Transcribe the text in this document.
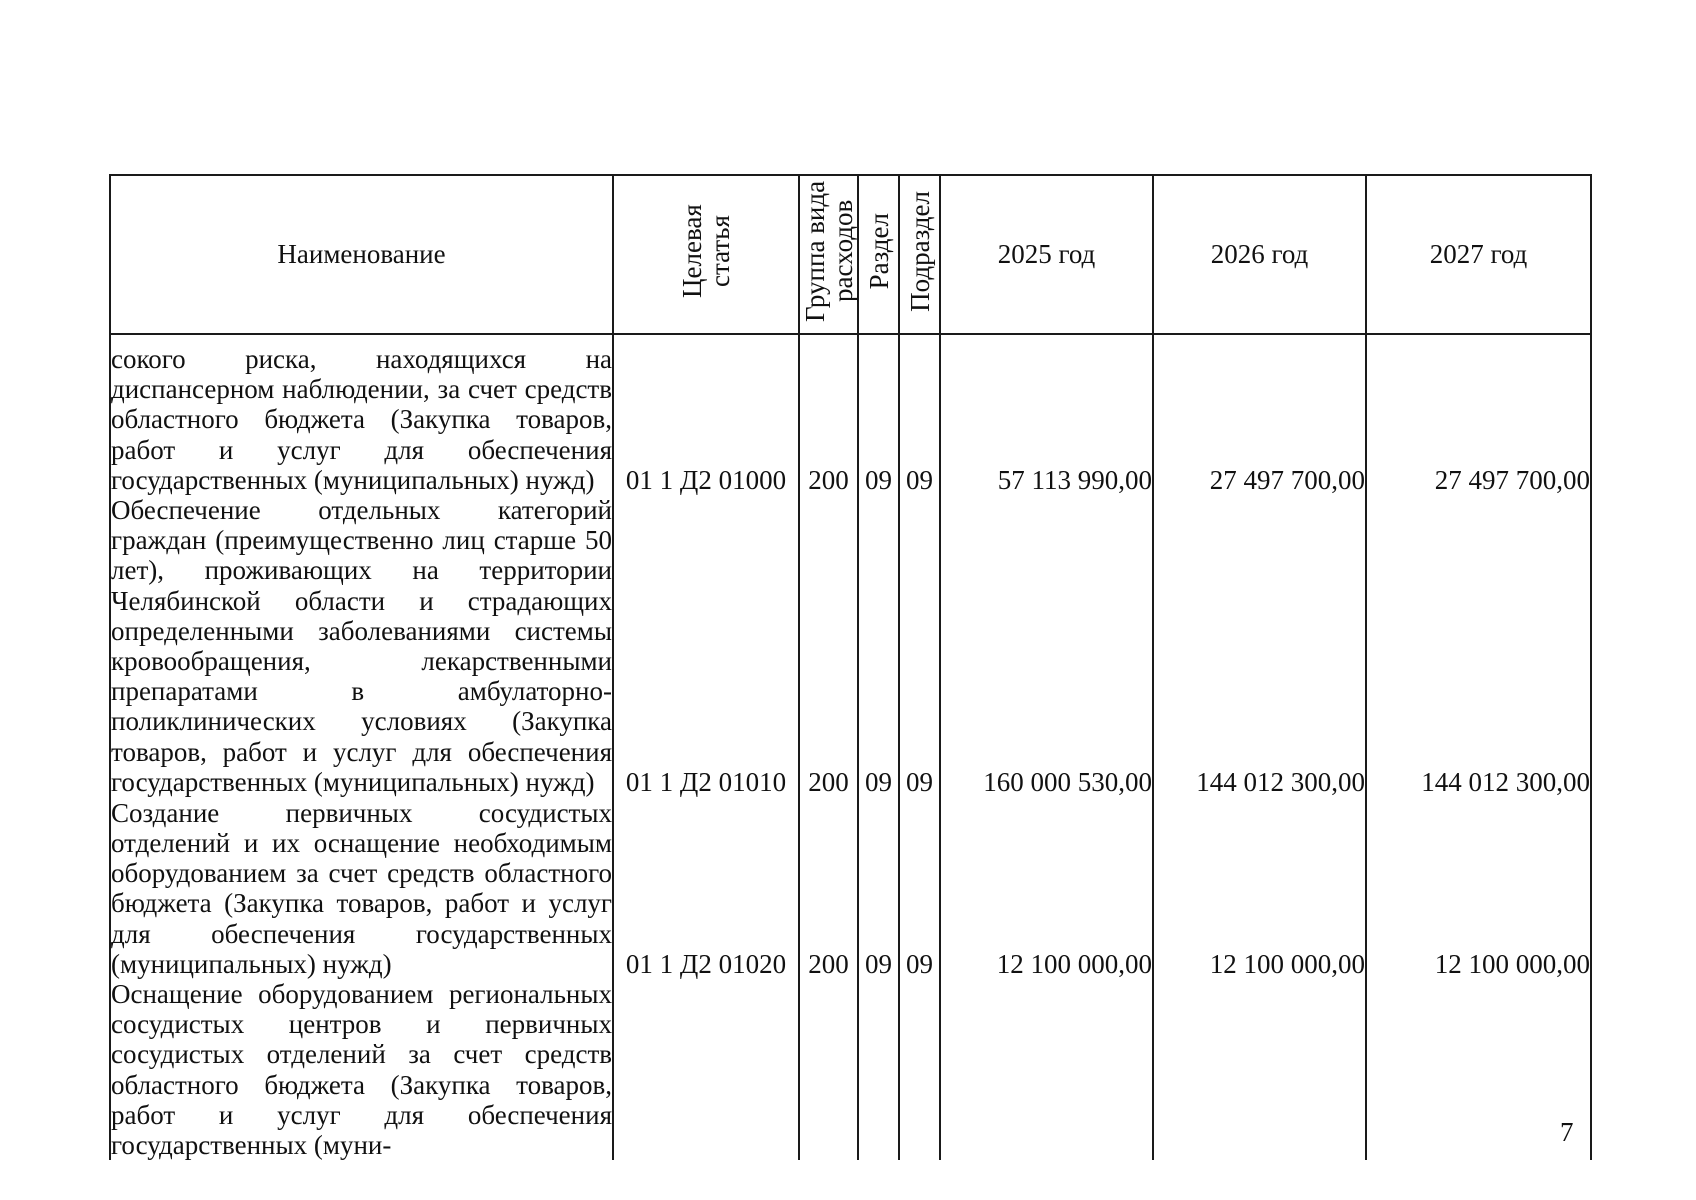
Наименование	Целевая статья	Группа вида расходов	Раздел	Подраздел	2025 год	2026 год	2027 год
сокого риска, находящихся на диспансерном наблюдении, за счет средств областного бюджета (Закупка товаров, работ и услуг для обеспечения государственных (муниципальных) нужд)	01 1 Д2 01000	200	09	09	57 113 990,00	27 497 700,00	27 497 700,00
Обеспечение отдельных категорий граждан (преимущественно лиц старше 50 лет), проживающих на территории Челябинской области и страдающих определенными заболеваниями системы кровообращения, лекарственными препаратами в амбулаторно-поликлинических условиях (Закупка товаров, работ и услуг для обеспечения государственных (муниципальных) нужд)	01 1 Д2 01010	200	09	09	160 000 530,00	144 012 300,00	144 012 300,00
Создание первичных сосудистых отделений и их оснащение необходимым оборудованием за счет средств областного бюджета (Закупка товаров, работ и услуг для обеспечения государственных (муниципальных) нужд)	01 1 Д2 01020	200	09	09	12 100 000,00	12 100 000,00	12 100 000,00
Оснащение оборудованием региональных сосудистых центров и первичных сосудистых отделений за счет средств областного бюджета (Закупка товаров, работ и услуг для обеспечения государственных (муни-								7
